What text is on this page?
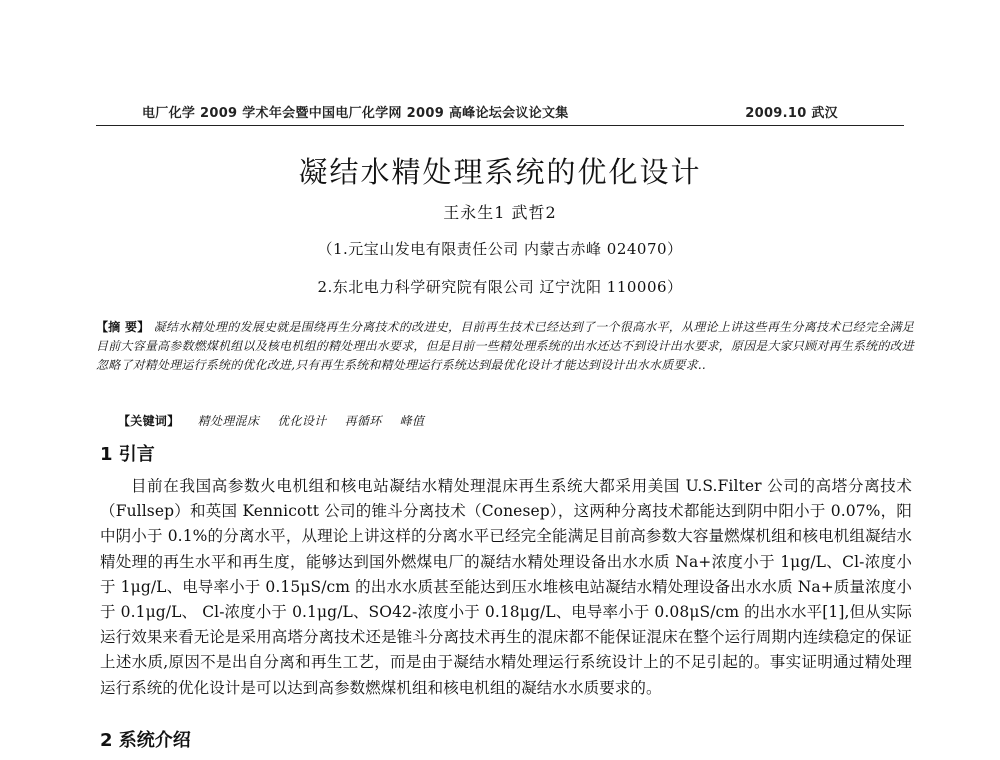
电厂化学 2009 学术年会暨中国电厂化学网 2009 高峰论坛会议论文集	2009.10 武汉
凝结水精处理系统的优化设计
王永生1 武哲2
（1.元宝山发电有限责任公司 内蒙古赤峰 024070）
2.东北电力科学研究院有限公司 辽宁沈阳 110006）
【摘 要】 凝结水精处理的发展史就是围绕再生分离技术的改进史，目前再生技术已经达到了一个很高水平，从理论上讲这些再生分离技术已经完全满足目前大容量高参数燃煤机组以及核电机组的精处理出水要求，但是目前一些精处理系统的出水还达不到设计出水要求，原因是大家只顾对再生系统的改进忽略了对精处理运行系统的优化改进,只有再生系统和精处理运行系统达到最优化设计才能达到设计出水水质要求..
【关键词】 精处理混床 优化设计 再循环 峰值
1 引言

目前在我国高参数火电机组和核电站凝结水精处理混床再生系统大都采用美国 U.S.Filter 公司的高塔分离技术（Fullsep）和英国 Kennicott 公司的锥斗分离技术（Conesep），这两种分离技术都能达到阴中阳小于 0.07%，阳中阴小于 0.1%的分离水平，从理论上讲这样的分离水平已经完全能满足目前高参数大容量燃煤机组和核电机组凝结水精处理的再生水平和再生度，能够达到国外燃煤电厂的凝结水精处理设备出水水质 Na+浓度小于 1μg/L、Cl-浓度小于 1μg/L、电导率小于 0.15μS/cm 的出水水质甚至能达到压水堆核电站凝结水精处理设备出水水质 Na+质量浓度小于 0.1μg/L、 Cl-浓度小于 0.1μg/L、SO42-浓度小于 0.18μg/L、电导率小于 0.08μS/cm 的出水水平[1],但从实际运行效果来看无论是采用高塔分离技术还是锥斗分离技术再生的混床都不能保证混床在整个运行周期内连续稳定的保证上述水质,原因不是出自分离和再生工艺，而是由于凝结水精处理运行系统设计上的不足引起的。事实证明通过精处理运行系统的优化设计是可以达到高参数燃煤机组和核电机组的凝结水水质要求的。

2 系统介绍
